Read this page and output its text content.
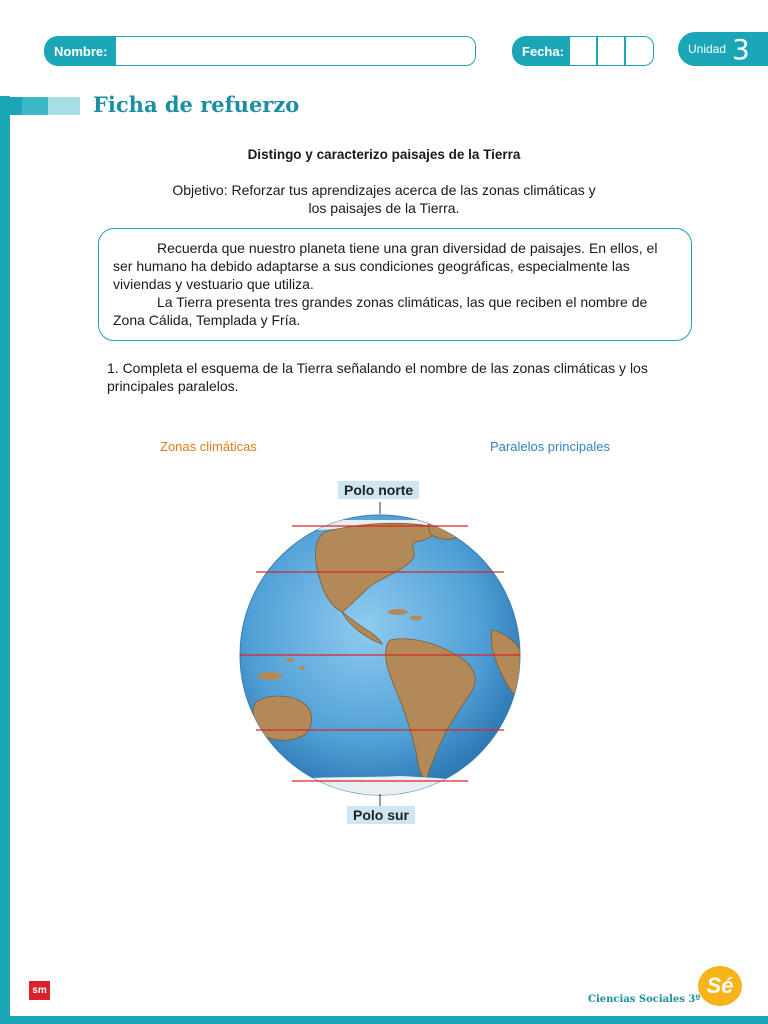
Nombre:	Fecha:	Unidad 3
Ficha de refuerzo
Distingo y caracterizo paisajes de la Tierra
Objetivo: Reforzar tus aprendizajes acerca de las zonas climáticas y
los paisajes de la Tierra.

Recuerda que nuestro planeta tiene una gran diversidad de paisajes. En ellos, el ser humano ha debido adaptarse a sus condiciones geográficas, especialmente las viviendas y vestuario que utiliza.

La Tierra presenta tres grandes zonas climáticas, las que reciben el nombre de Zona Cálida, Templada y Fría.

1. Completa el esquema de la Tierra señalando el nombre de las zonas climáticas y los principales paralelos.
Zonas climáticas	Paralelos principales
Polo norte
Polo sur
sm
Ciencias Sociales 3º
Sé
